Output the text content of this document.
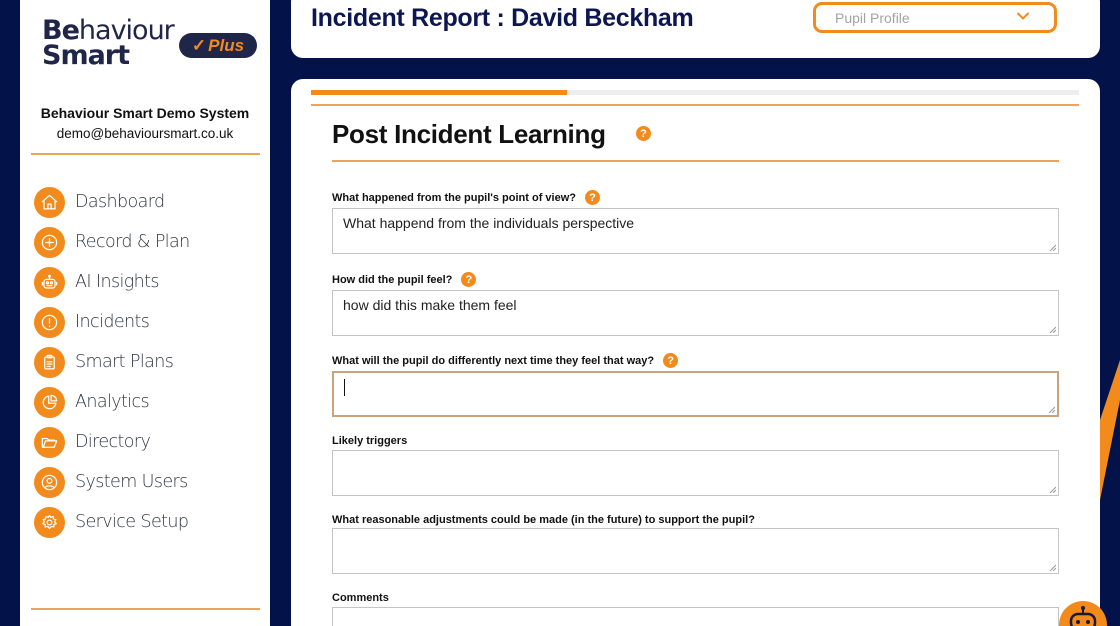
Behaviour
Smart	✓ Plus
Behaviour Smart Demo System
demo@behavioursmart.co.uk
Dashboard
Record & Plan
AI Insights
Incidents
Smart Plans
Analytics
Directory
System Users
Service Setup
Incident Report : David Beckham	Pupil Profile
Post Incident Learning	?
What happened from the pupil's point of view?	?
What happend from the individuals perspective
How did the pupil feel?	?
how did this make them feel
What will the pupil do differently next time they feel that way?	?
Likely triggers
What reasonable adjustments could be made (in the future) to support the pupil?
Comments
